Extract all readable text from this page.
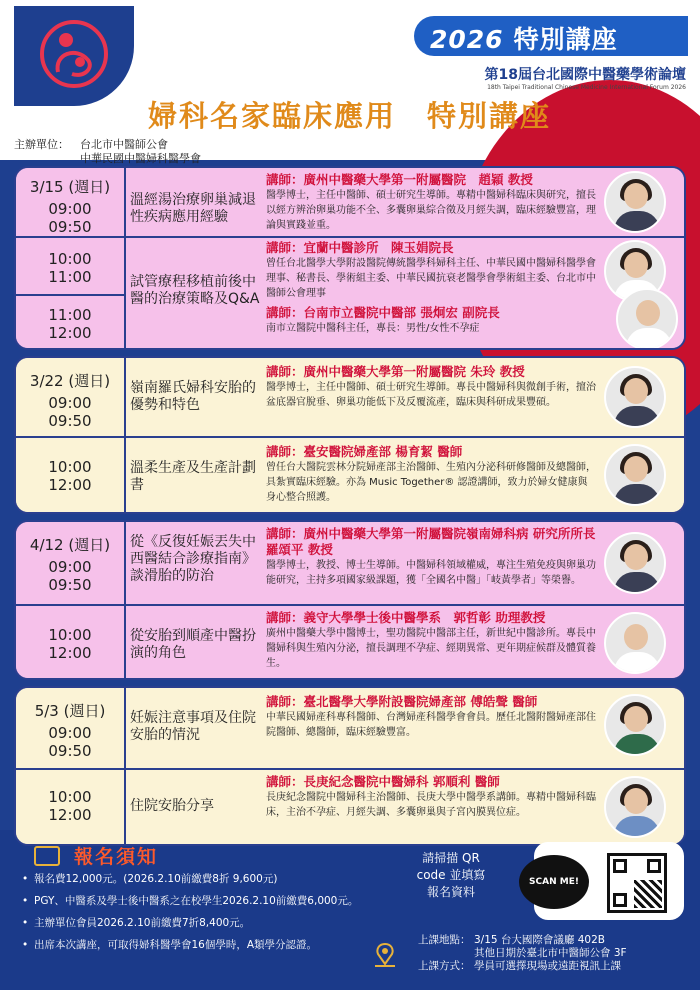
2026 特別講座
第18屆台北國際中醫藥學術論壇
18th Taipei Traditional Chinese Medicine International Forum 2026
婦科名家臨床應用　特別講座
主辦單位： 台北市中醫師公會
中華民國中醫婦科醫學會
3/15 (週日)
09:00
09:50
溫經湯治療卵巢減退性疾病應用經驗
講師：廣州中醫藥大學第一附屬醫院　趙穎 教授
醫學博士，主任中醫師、碩士研究生導師。專精中醫婦科臨床與研究，擅長以經方辨治卵巢功能不全、多囊卵巢綜合徵及月經失調，臨床經驗豐富，理論與實踐並重。
10:00
11:00
11:00
12:00
試管療程移植前後中醫的治療策略及Q&A
講師：宜蘭中醫診所　陳玉娟院長
曾任台北醫學大學附設醫院傳統醫學科婦科主任、中華民國中醫婦科醫學會理事、秘書長、學術組主委、中華民國抗衰老醫學會學術組主委、台北市中醫師公會理事
講師：台南市立醫院中醫部 張炯宏 副院長
南市立醫院中醫科主任，專長：男性/女性不孕症
3/22 (週日)
09:00
09:50
嶺南羅氏婦科安胎的優勢和特色
講師：廣州中醫藥大學第一附屬醫院 朱玲 教授
醫學博士，主任中醫師、碩士研究生導師。專長中醫婦科與微創手術，擅治盆底器官脫垂、卵巢功能低下及反覆流產，臨床與科研成果豐碩。
10:00
12:00
溫柔生產及生產計劃書
講師：臺安醫院婦產部 楊育絜 醫師
曾任台大醫院雲林分院婦產部主治醫師、生殖內分泌科研修醫師及總醫師，具紮實臨床經驗。亦為 Music Together® 認證講師，致力於婦女健康與身心整合照護。
4/12 (週日)
09:00
09:50
從《反復妊娠丟失中西醫結合診療指南》談滑胎的防治
講師：廣州中醫藥大學第一附屬醫院嶺南婦科病 研究所所長 羅頌平 教授
醫學博士，教授、博士生導師。中醫婦科領域權威，專注生殖免疫與卵巢功能研究，主持多項國家級課題，獲「全國名中醫」「岐黃學者」等榮譽。
10:00
12:00
從安胎到順產中醫扮演的角色
講師：義守大學學士後中醫學系　郭哲彰 助理教授
廣州中醫藥大學中醫博士，聖功醫院中醫部主任，新世紀中醫診所。專長中醫婦科與生殖內分泌，擅長調理不孕症、經期異常、更年期症候群及體質養生。
5/3 (週日)
09:00
09:50
妊娠注意事項及住院安胎的情況
講師：臺北醫學大學附設醫院婦產部 傅皓聲 醫師
中華民國婦產科專科醫師、台灣婦產科醫學會會員。歷任北醫附醫婦產部住院醫師、總醫師，臨床經驗豐富。
10:00
12:00	住院安胎分享
講師：長庚紀念醫院中醫婦科 郭順利 醫師
長庚紀念醫院中醫婦科主治醫師、長庚大學中醫學系講師。專精中醫婦科臨床，主治不孕症、月經失調、多囊卵巢與子宮內膜異位症。
報名須知
• 報名費12,000元。(2026.2.10前繳費8折 9,600元)
• PGY、中醫系及學士後中醫系之在校學生2026.2.10前繳費6,000元。
• 主辦單位會員2026.2.10前繳費7折8,400元。
• 出席本次講座，可取得婦科醫學會16個學時，A類學分認證。
請掃描 QR
code 並填寫
報名資料
SCAN ME!
上課地點： 3/15 台大國際會議廳 402B
其他日期於臺北市中醫師公會 3F
上課方式： 學員可選擇現場或遠距視訊上課
